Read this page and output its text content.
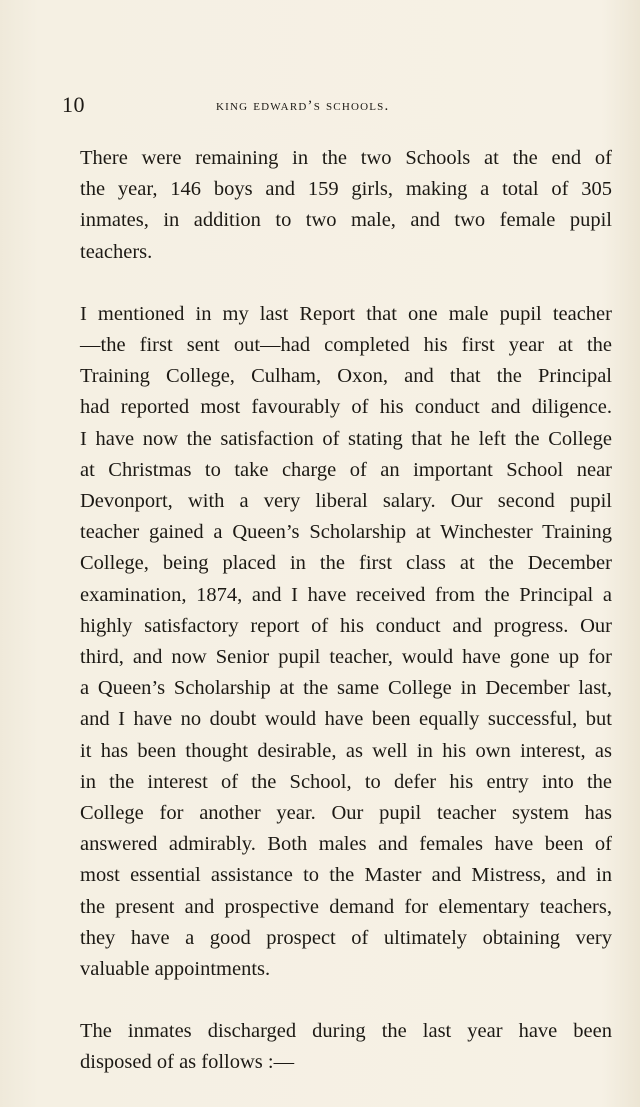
10	king edward’s schools.

There were remaining in the two Schools at the end of
the year, 146 boys and 159 girls, making a total of 305
inmates, in addition to two male, and two female pupil
teachers.

I mentioned in my last Report that one male pupil teacher
—the first sent out—had completed his first year at the
Training College, Culham, Oxon, and that the Principal
had reported most favourably of his conduct and diligence.
I have now the satisfaction of stating that he left the College
at Christmas to take charge of an important School near
Devonport, with a very liberal salary. Our second pupil
teacher gained a Queen’s Scholarship at Winchester Training
College, being placed in the first class at the December
examination, 1874, and I have received from the Principal a
highly satisfactory report of his conduct and progress. Our
third, and now Senior pupil teacher, would have gone up for
a Queen’s Scholarship at the same College in December last,
and I have no doubt would have been equally successful, but
it has been thought desirable, as well in his own interest, as
in the interest of the School, to defer his entry into the
College for another year. Our pupil teacher system has
answered admirably. Both males and females have been of
most essential assistance to the Master and Mistress, and in
the present and prospective demand for elementary teachers,
they have a good prospect of ultimately obtaining very
valuable appointments.

The inmates discharged during the last year have been
disposed of as follows :—
